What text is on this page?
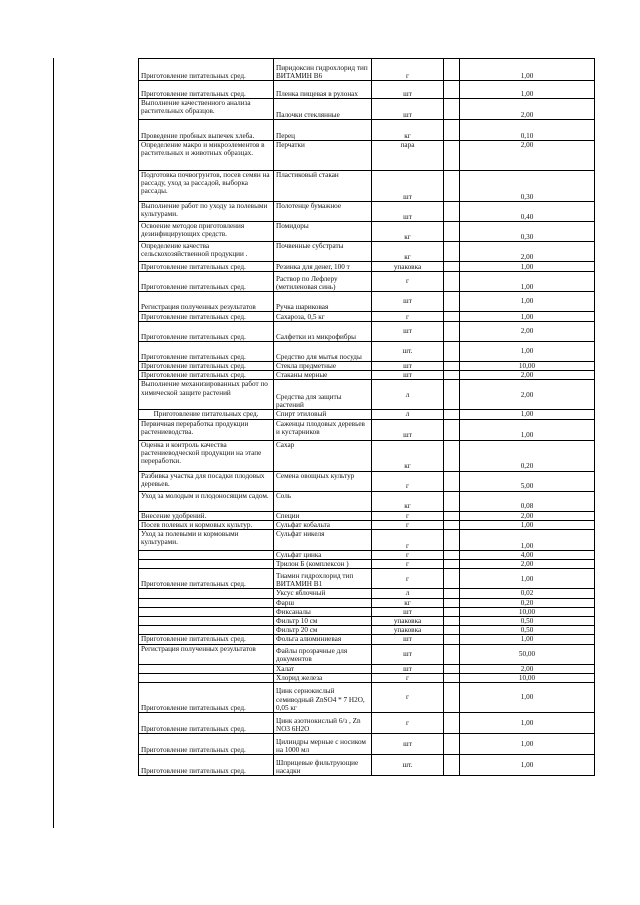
Приготовление питательных сред.	Пиридоксин гидрохлорид тип ВИТАМИН В6	г		1,00
Приготовление питательных сред.	Пленка пищевая в рулонах	шт		1,00
Выполнение качественного анализа растительных образцов.	Палочки стеклянные	шт		2,00
Проведение пробных выпечек хлеба.	Перец	кг		0,10
Определение макро и микроэлементов в растительных и животных образцах.	Перчатки	пара		2,00
Подготовка почвогрунтов, посев семян на рассаду, уход за рассадой, выборка рассады.	Пластиковый стакан	шт		0,30
Выполнение работ по уходу за полевыми культурами.	Полотенце бумажное	шт		0,40
Освоение методов приготовления дезинфицирующих средств.	Помидоры	кг		0,30
Определение качества сельскохозяйственной продукции .	Почвенные субстраты	кг		2,00
Приготовление питательных сред.	Резинка для денег, 100 т	упаковка		1,00
Приготовление питательных сред.	Раствор по Лефлеру (метиленовая синь)	г		1,00
Регистрация полученных результатов	Ручка шариковая	шт		1,00
Приготовление питательных сред.	Сахароза, 0,5 кг	г		1,00
Приготовление питательных сред.	Салфетки из микрофибры	шт		2,00
Приготовление питательных сред.	Средство для мытья посуды	шт.		1,00
Приготовление питательных сред.	Стекла предметные	шт		10,00
Приготовление питательных сред.	Стаканы мерные	шт		2,00
Выполнение механизированных работ по химической защите растений	Средства для защиты растений	л		2,00
Приготовление питательных сред.	Спирт этиловый	л		1,00
Первичная переработка продукции растениеводства.	Саженцы плодовых деревьев и кустарников	шт		1,00
Оценка и контроль качества растениеводческой продукции на этапе переработки.	Сахар	кг		0,20
Разбивка участка для посадки плодовых деревьев.	Семена овощных культур	г		5,00
Уход за молодым и плодоносящим садом.	Соль	кг		0,08
Внесение удобрений.	Специи	г		2,00
Посев полевых и кормовых культур.	Сульфат кобальта	г		1,00
Уход за полевыми и кормовыми культурами.	Сульфат никеля	г		1,00
	Сульфат цинка	г		4,00
	Трилон Б (комплексон )	г		2,00
Приготовление питательных сред.	Тиамин гидрохлорид тип ВИТАМИН В1	г		1,00
	Уксус яблочный	л		0,02
	Фарш	кг		0,20
	Фиксаналы	шт		10,00
	Фильтр 10 см	упаковка		0,50
	Фильтр 20 см	упаковка		0,50
Приготовление питательных сред.	Фольга алюминиевая	шт		1,00
Регистрация полученных результатов	Файлы прозрачные для документов	шт		50,00
	Халат	шт		2,00
	Хлорид железа	г		10,00
Приготовление питательных сред.	Цинк сернокислый семиводный ZnSO4 * 7 H2O, 0,05 кг	г		1,00
Приготовление питательных сред.	Цинк азотнокислый 6/з , Zn NO3 6H2O	г		1,00
Приготовление питательных сред.	Цилиндры мерные с носиком на 1000 мл	шт		1,00
Приготовление питательных сред.	Шприцевые фильтрующие насадки	шт.		1,00
